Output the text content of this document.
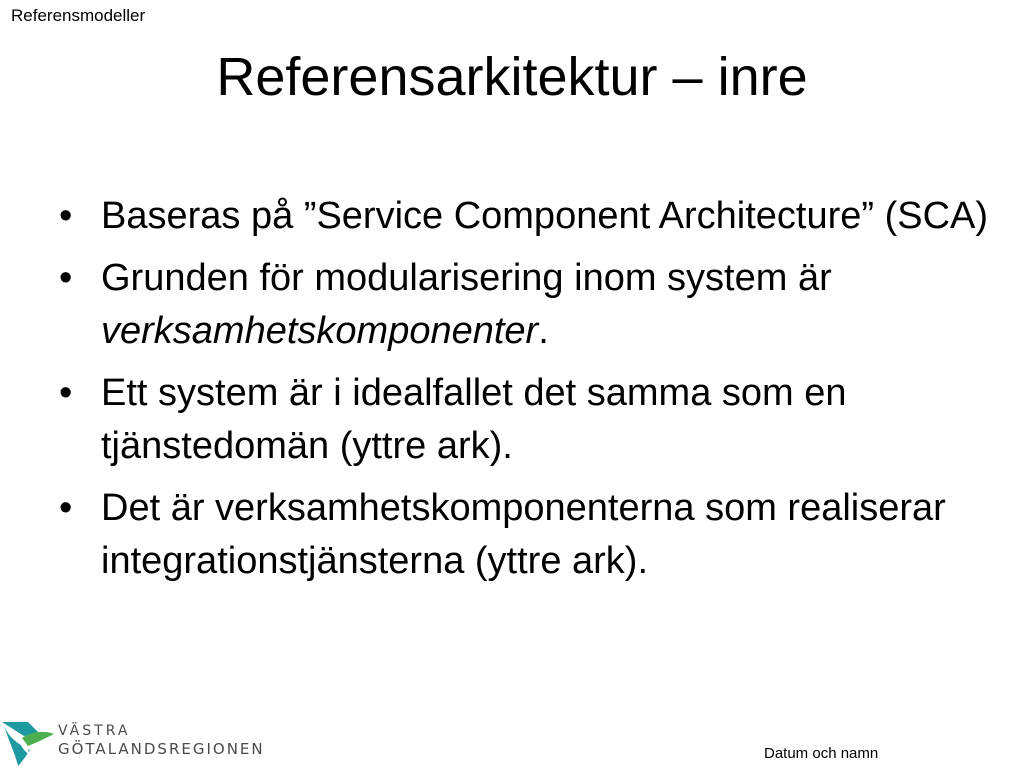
Referensmodeller
Referensarkitektur – inre
• Baseras på ”Service Component Architecture” (SCA)
• Grunden för modularisering inom system är verksamhetskomponenter.
• Ett system är i idealfallet det samma som en tjänstedomän (yttre ark).
• Det är verksamhetskomponenterna som realiserar integrationstjänsterna (yttre ark).
VÄSTRA
GÖTALANDSREGIONEN	Datum och namn
